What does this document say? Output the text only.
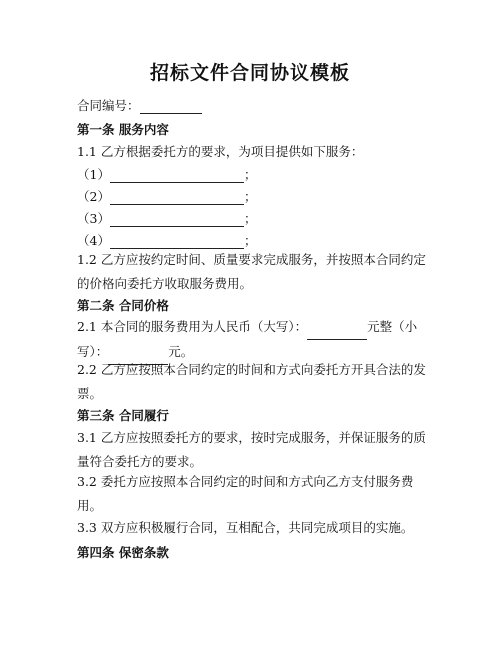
招标文件合同协议模板
合同编号：
第一条 服务内容
1.1 乙方根据委托方的要求，为项目提供如下服务：
（1）	；
（2）	；
（3）	；
（4）	；
1.2 乙方应按约定时间、质量要求完成服务，并按照本合同约定的价格向委托方收取服务费用。
第二条 合同价格
2.1 本合同的服务费用为人民币（大写）：	元整（小写）：	元。
2.2 乙方应按照本合同约定的时间和方式向委托方开具合法的发票。
第三条 合同履行
3.1 乙方应按照委托方的要求，按时完成服务，并保证服务的质量符合委托方的要求。
3.2 委托方应按照本合同约定的时间和方式向乙方支付服务费用。
3.3 双方应积极履行合同，互相配合，共同完成项目的实施。
第四条 保密条款
